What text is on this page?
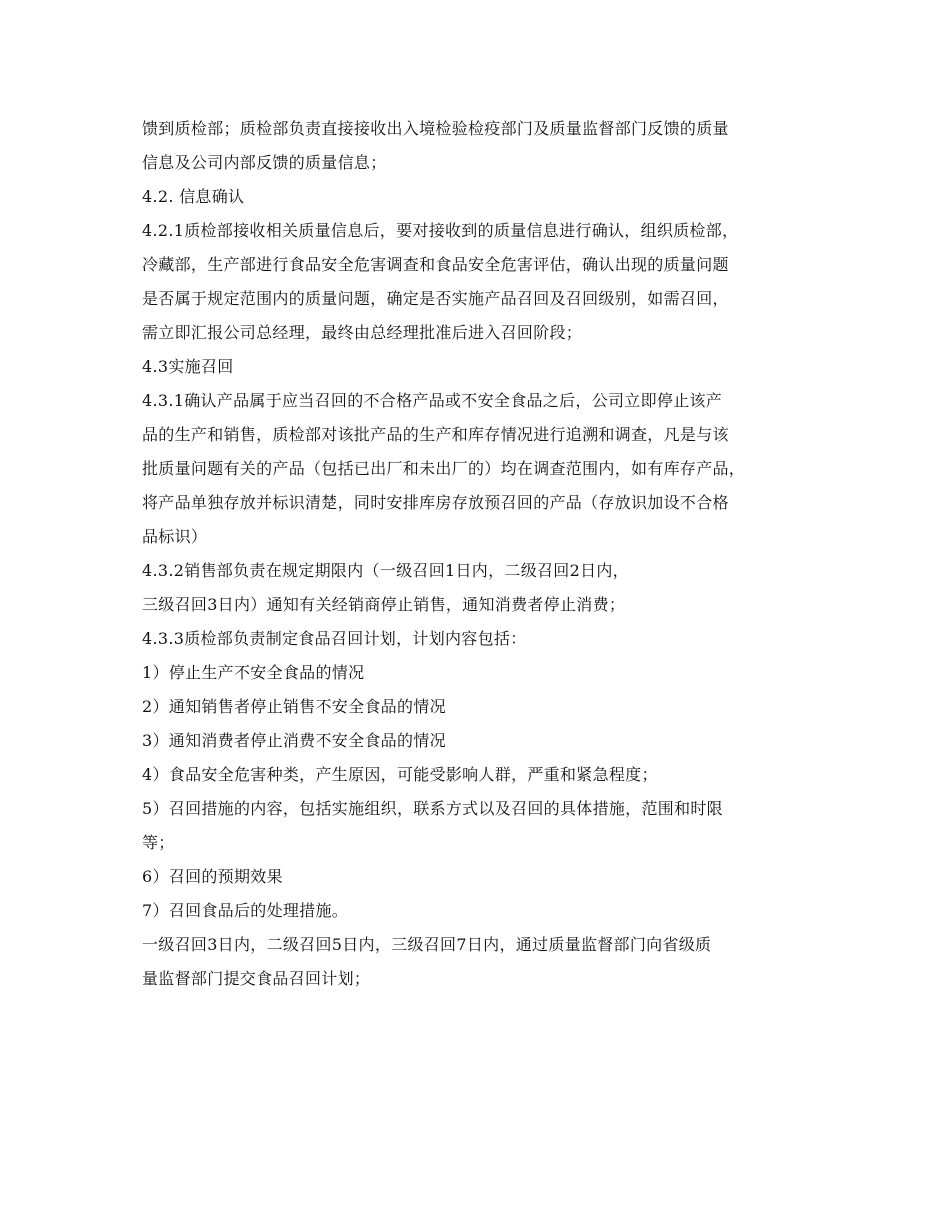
馈到质检部；质检部负责直接接收出入境检验检疫部门及质量监督部门反馈的质量

信息及公司内部反馈的质量信息；

4.2. 信息确认

4.2.1质检部接收相关质量信息后，要对接收到的质量信息进行确认，组织质检部，

冷藏部，生产部进行食品安全危害调查和食品安全危害评估，确认出现的质量问题

是否属于规定范围内的质量问题，确定是否实施产品召回及召回级别，如需召回，

需立即汇报公司总经理，最终由总经理批准后进入召回阶段；

4.3实施召回

4.3.1确认产品属于应当召回的不合格产品或不安全食品之后，公司立即停止该产

品的生产和销售，质检部对该批产品的生产和库存情况进行追溯和调查，凡是与该

批质量问题有关的产品（包括已出厂和未出厂的）均在调查范围内，如有库存产品，

将产品单独存放并标识清楚，同时安排库房存放预召回的产品（存放识加设不合格

品标识）

4.3.2销售部负责在规定期限内（一级召回1日内，二级召回2日内，

三级召回3日内）通知有关经销商停止销售，通知消费者停止消费；

4.3.3质检部负责制定食品召回计划，计划内容包括：

1）停止生产不安全食品的情况

2）通知销售者停止销售不安全食品的情况

3）通知消费者停止消费不安全食品的情况

4）食品安全危害种类，产生原因，可能受影响人群，严重和紧急程度；

5）召回措施的内容，包括实施组织，联系方式以及召回的具体措施，范围和时限

等；

6）召回的预期效果

7）召回食品后的处理措施。

一级召回3日内，二级召回5日内，三级召回7日内，通过质量监督部门向省级质

量监督部门提交食品召回计划；
